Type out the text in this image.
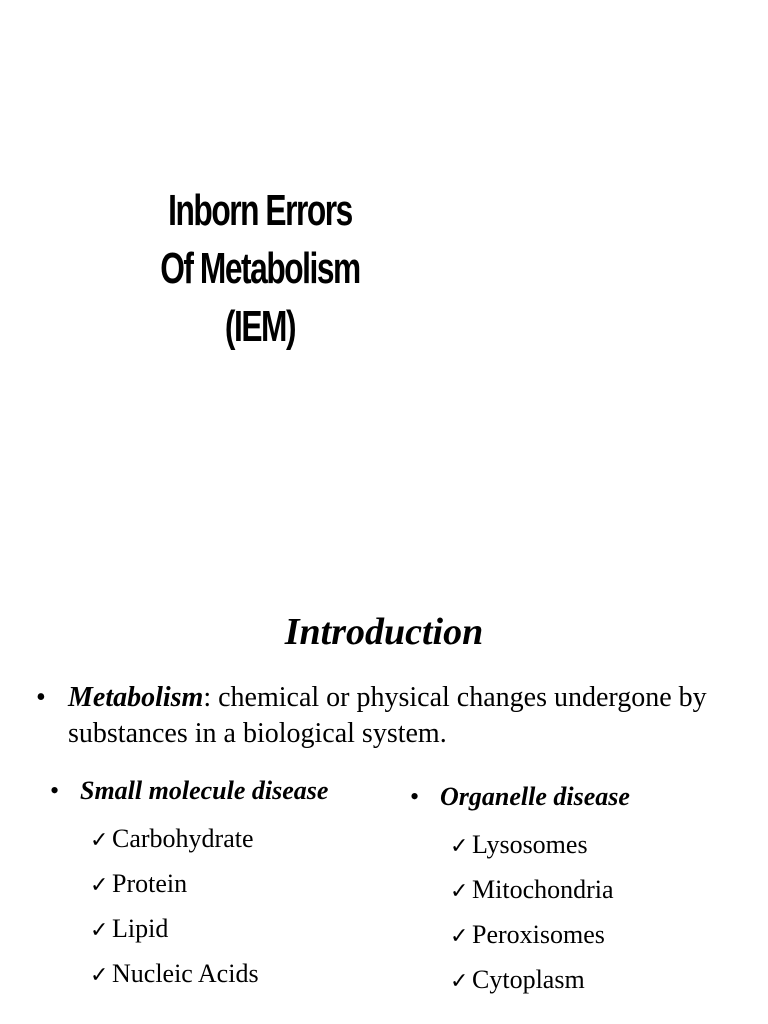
Inborn Errors
Of Metabolism
(IEM)
Introduction
• Metabolism: chemical or physical changes undergone by substances in a biological system.
• Small molecule disease
✓ Carbohydrate
✓ Protein
✓ Lipid
✓ Nucleic Acids
• Organelle disease
✓ Lysosomes
✓ Mitochondria
✓ Peroxisomes
✓ Cytoplasm
